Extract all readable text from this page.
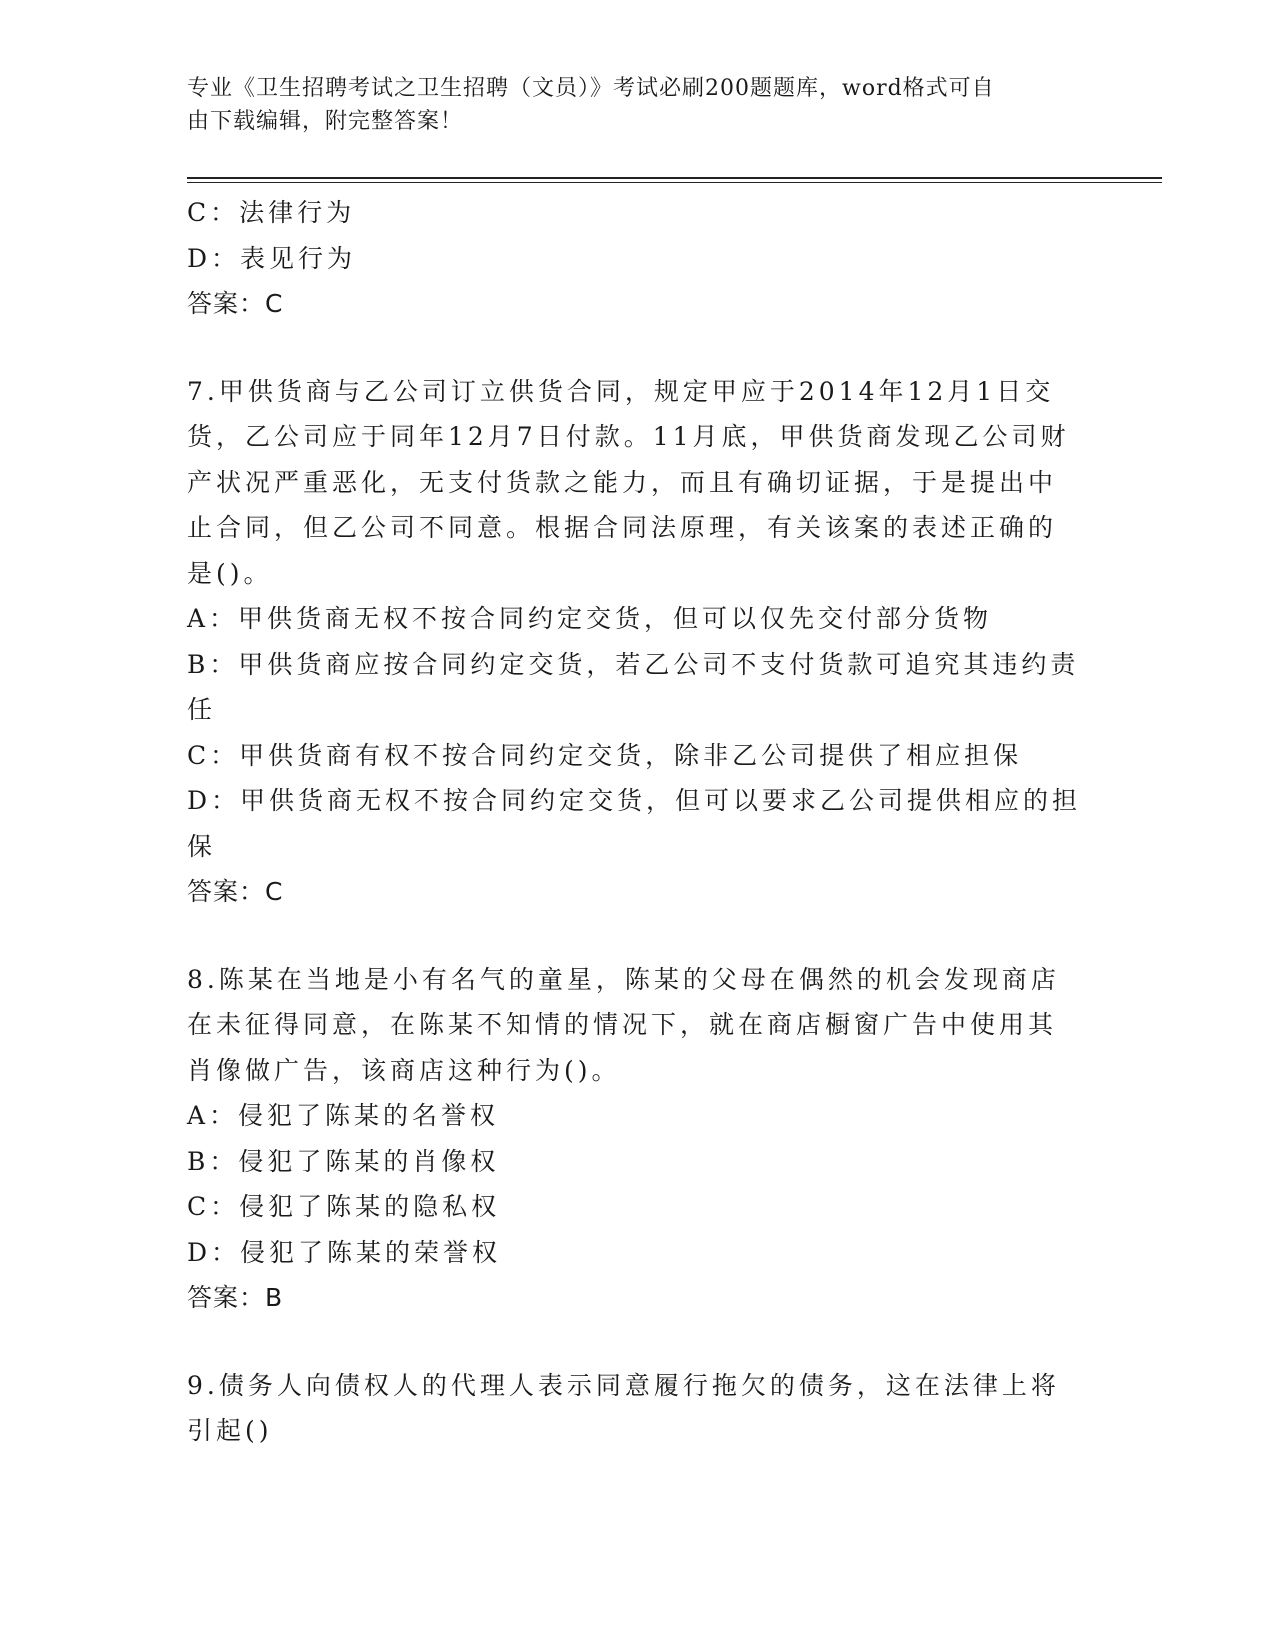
专业《卫生招聘考试之卫生招聘（文员）》考试必刷200题题库，word格式可自
由下载编辑，附完整答案！
C：法律行为
D：表见行为
答案：C
7.甲供货商与乙公司订立供货合同，规定甲应于2014年12月1日交
货，乙公司应于同年12月7日付款。11月底，甲供货商发现乙公司财
产状况严重恶化，无支付货款之能力，而且有确切证据，于是提出中
止合同，但乙公司不同意。根据合同法原理，有关该案的表述正确的
是()。
A：甲供货商无权不按合同约定交货，但可以仅先交付部分货物
B：甲供货商应按合同约定交货，若乙公司不支付货款可追究其违约责
任
C：甲供货商有权不按合同约定交货，除非乙公司提供了相应担保
D：甲供货商无权不按合同约定交货，但可以要求乙公司提供相应的担
保
答案：C
8.陈某在当地是小有名气的童星，陈某的父母在偶然的机会发现商店
在未征得同意，在陈某不知情的情况下，就在商店橱窗广告中使用其
肖像做广告，该商店这种行为()。
A：侵犯了陈某的名誉权
B：侵犯了陈某的肖像权
C：侵犯了陈某的隐私权
D：侵犯了陈某的荣誉权
答案：B
9.债务人向债权人的代理人表示同意履行拖欠的债务，这在法律上将
引起()
